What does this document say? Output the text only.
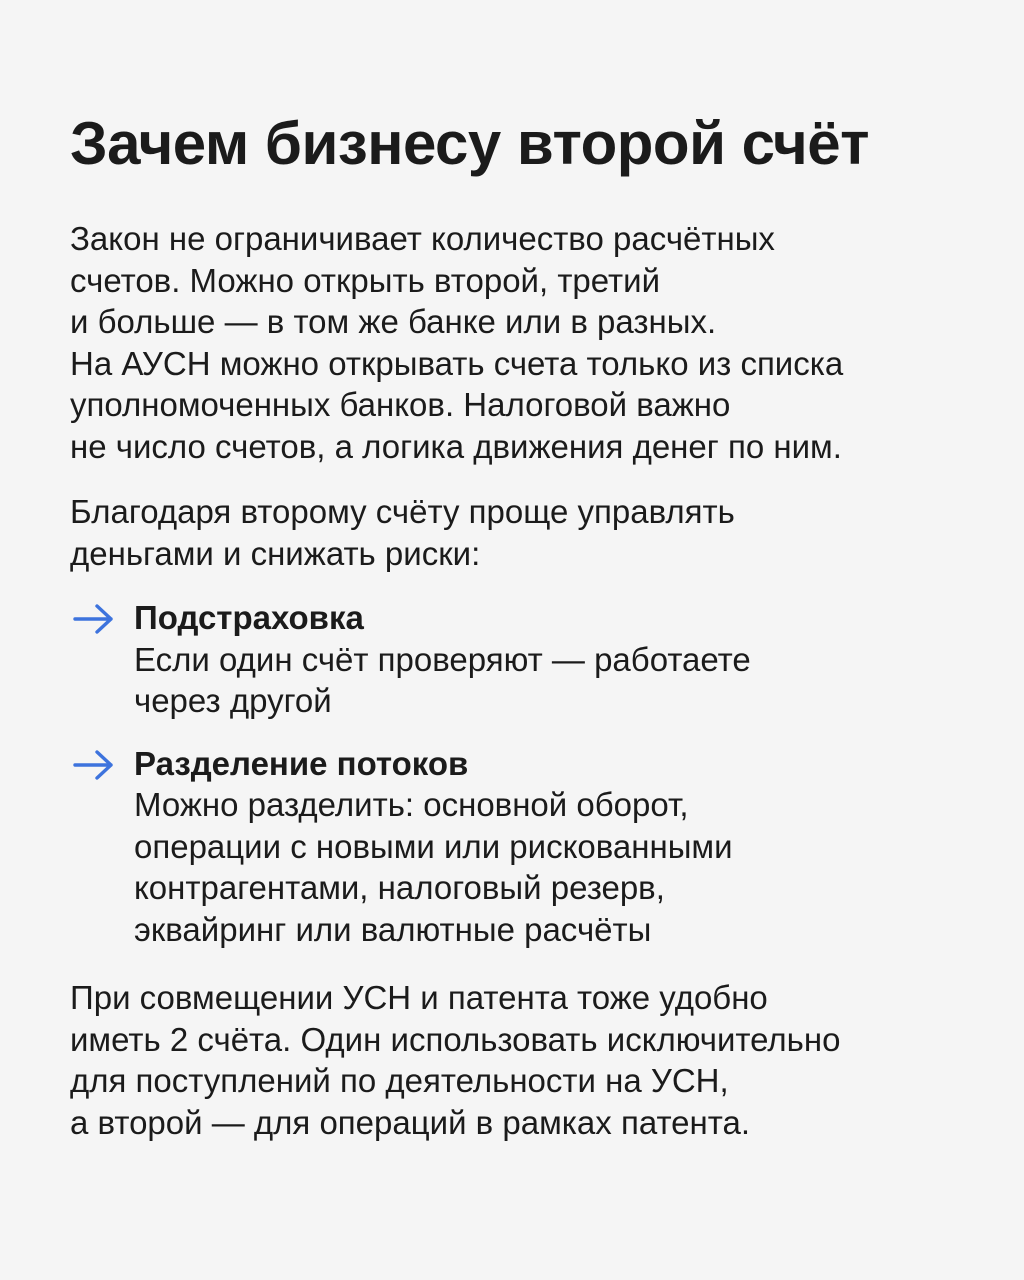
Зачем бизнесу второй счёт

Закон не ограничивает количество расчётных
счетов. Можно открыть второй, третий
и больше — в том же банке или в разных.
На АУСН можно открывать счета только из списка
уполномоченных банков. Налоговой важно
не число счетов, а логика движения денег по ним.

Благодаря второму счёту проще управлять
деньгами и снижать риски:

Подстраховка
Если один счёт проверяют — работаете
через другой
Разделение потоков
Можно разделить: основной оборот,
операции с новыми или рискованными
контрагентами, налоговый резерв,
эквайринг или валютные расчёты

При совмещении УСН и патента тоже удобно
иметь 2 счёта. Один использовать исключительно
для поступлений по деятельности на УСН,
а второй — для операций в рамках патента.
